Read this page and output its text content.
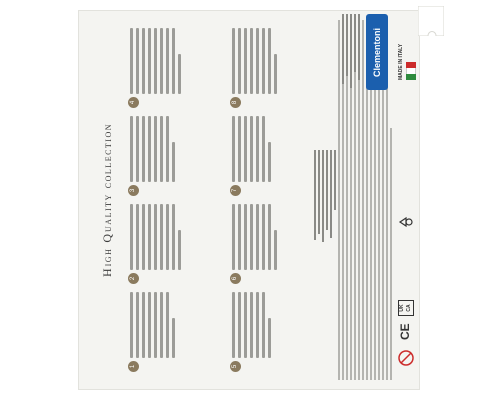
HIGH QUALITY COLLECTION
1
2
3
4
5
6
7
8
CE
UK CA
MADE IN ITALY
Clementoni
